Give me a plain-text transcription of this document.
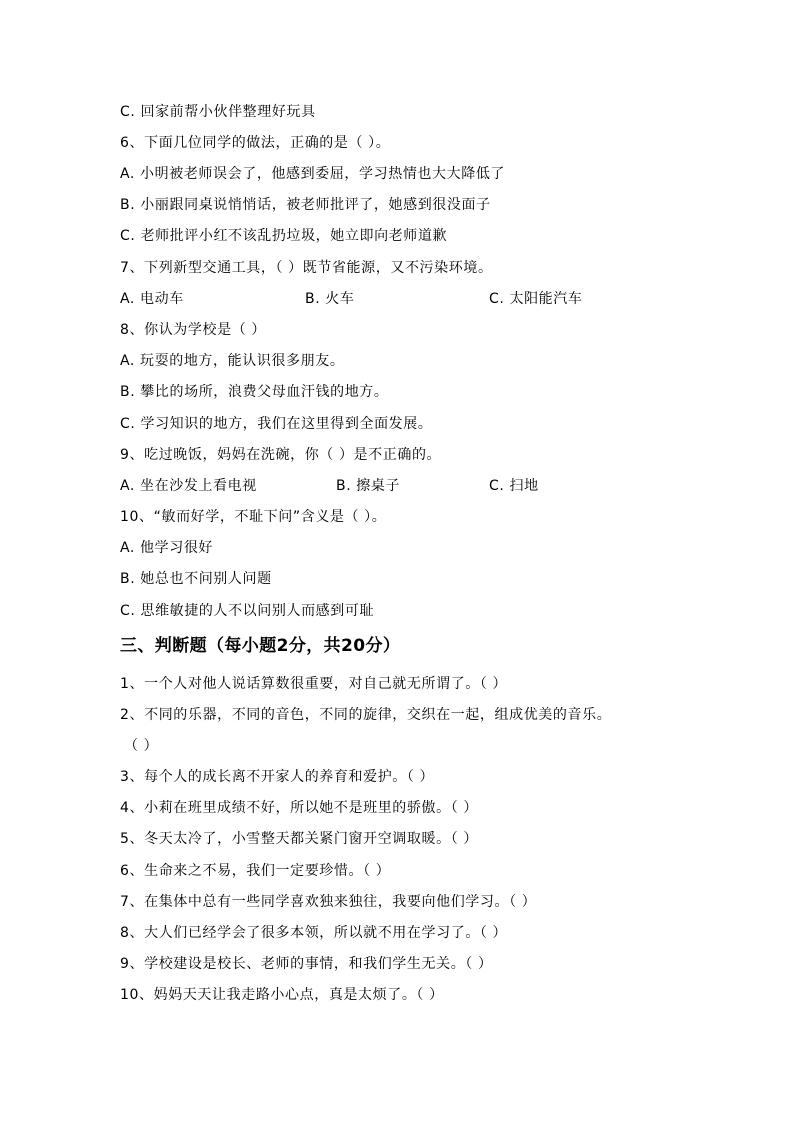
C. 回家前帮小伙伴整理好玩具
6、下面几位同学的做法，正确的是（ ）。
A. 小明被老师误会了，他感到委屈，学习热情也大大降低了
B. 小丽跟同桌说悄悄话，被老师批评了，她感到很没面子
C. 老师批评小红不该乱扔垃圾，她立即向老师道歉
7、下列新型交通工具，（ ）既节省能源，又不污染环境。
A. 电动车	B. 火车	C. 太阳能汽车
8、你认为学校是（ ）
A. 玩耍的地方，能认识很多朋友。
B. 攀比的场所，浪费父母血汗钱的地方。
C. 学习知识的地方，我们在这里得到全面发展。
9、吃过晚饭，妈妈在洗碗，你（ ）是不正确的。
A. 坐在沙发上看电视	B. 擦桌子	C. 扫地
10、“敏而好学，不耻下问”含义是（ ）。
A. 他学习很好
B. 她总也不问别人问题
C. 思维敏捷的人不以问别人而感到可耻
三、判断题（每小题2分，共20分）
1、一个人对他人说话算数很重要，对自己就无所谓了。（ ）
2、不同的乐器，不同的音色，不同的旋律，交织在一起，组成优美的音乐。
（ ）
3、每个人的成长离不开家人的养育和爱护。（ ）
4、小莉在班里成绩不好，所以她不是班里的骄傲。（ ）
5、冬天太冷了，小雪整天都关紧门窗开空调取暖。（ ）
6、生命来之不易，我们一定要珍惜。（ ）
7、在集体中总有一些同学喜欢独来独往，我要向他们学习。（ ）
8、大人们已经学会了很多本领，所以就不用在学习了。（ ）
9、学校建设是校长、老师的事情，和我们学生无关。（ ）
10、妈妈天天让我走路小心点，真是太烦了。（ ）
